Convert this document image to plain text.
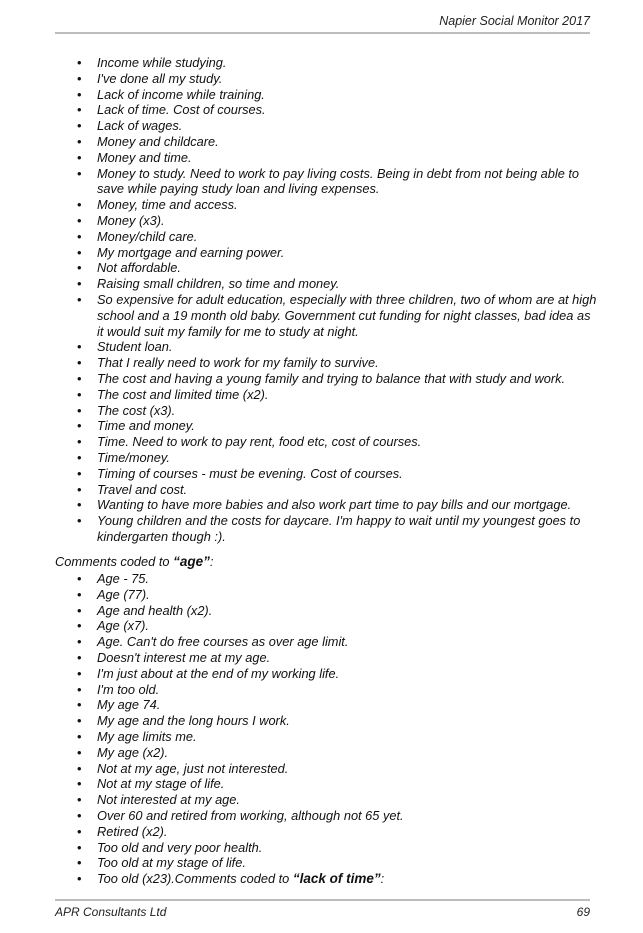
Napier Social Monitor 2017
• Income while studying.
• I've done all my study.
• Lack of income while training.
• Lack of time. Cost of courses.
• Lack of wages.
• Money and childcare.
• Money and time.
• Money to study. Need to work to pay living costs. Being in debt from not being able to save while paying study loan and living expenses.
• Money, time and access.
• Money (x3).
• Money/child care.
• My mortgage and earning power.
• Not affordable.
• Raising small children, so time and money.
• So expensive for adult education, especially with three children, two of whom are at high school and a 19 month old baby. Government cut funding for night classes, bad idea as it would suit my family for me to study at night.
• Student loan.
• That I really need to work for my family to survive.
• The cost and having a young family and trying to balance that with study and work.
• The cost and limited time (x2).
• The cost (x3).
• Time and money.
• Time. Need to work to pay rent, food etc, cost of courses.
• Time/money.
• Timing of courses - must be evening. Cost of courses.
• Travel and cost.
• Wanting to have more babies and also work part time to pay bills and our mortgage.
• Young children and the costs for daycare. I'm happy to wait until my youngest goes to kindergarten though :).
Comments coded to “age”:
• Age - 75.
• Age (77).
• Age and health (x2).
• Age (x7).
• Age. Can't do free courses as over age limit.
• Doesn't interest me at my age.
• I'm just about at the end of my working life.
• I'm too old.
• My age 74.
• My age and the long hours I work.
• My age limits me.
• My age (x2).
• Not at my age, just not interested.
• Not at my stage of life.
• Not interested at my age.
• Over 60 and retired from working, although not 65 yet.
• Retired (x2).
• Too old and very poor health.
• Too old at my stage of life.
• Too old (x23).Comments coded to “lack of time”:
APR Consultants Ltd	69
